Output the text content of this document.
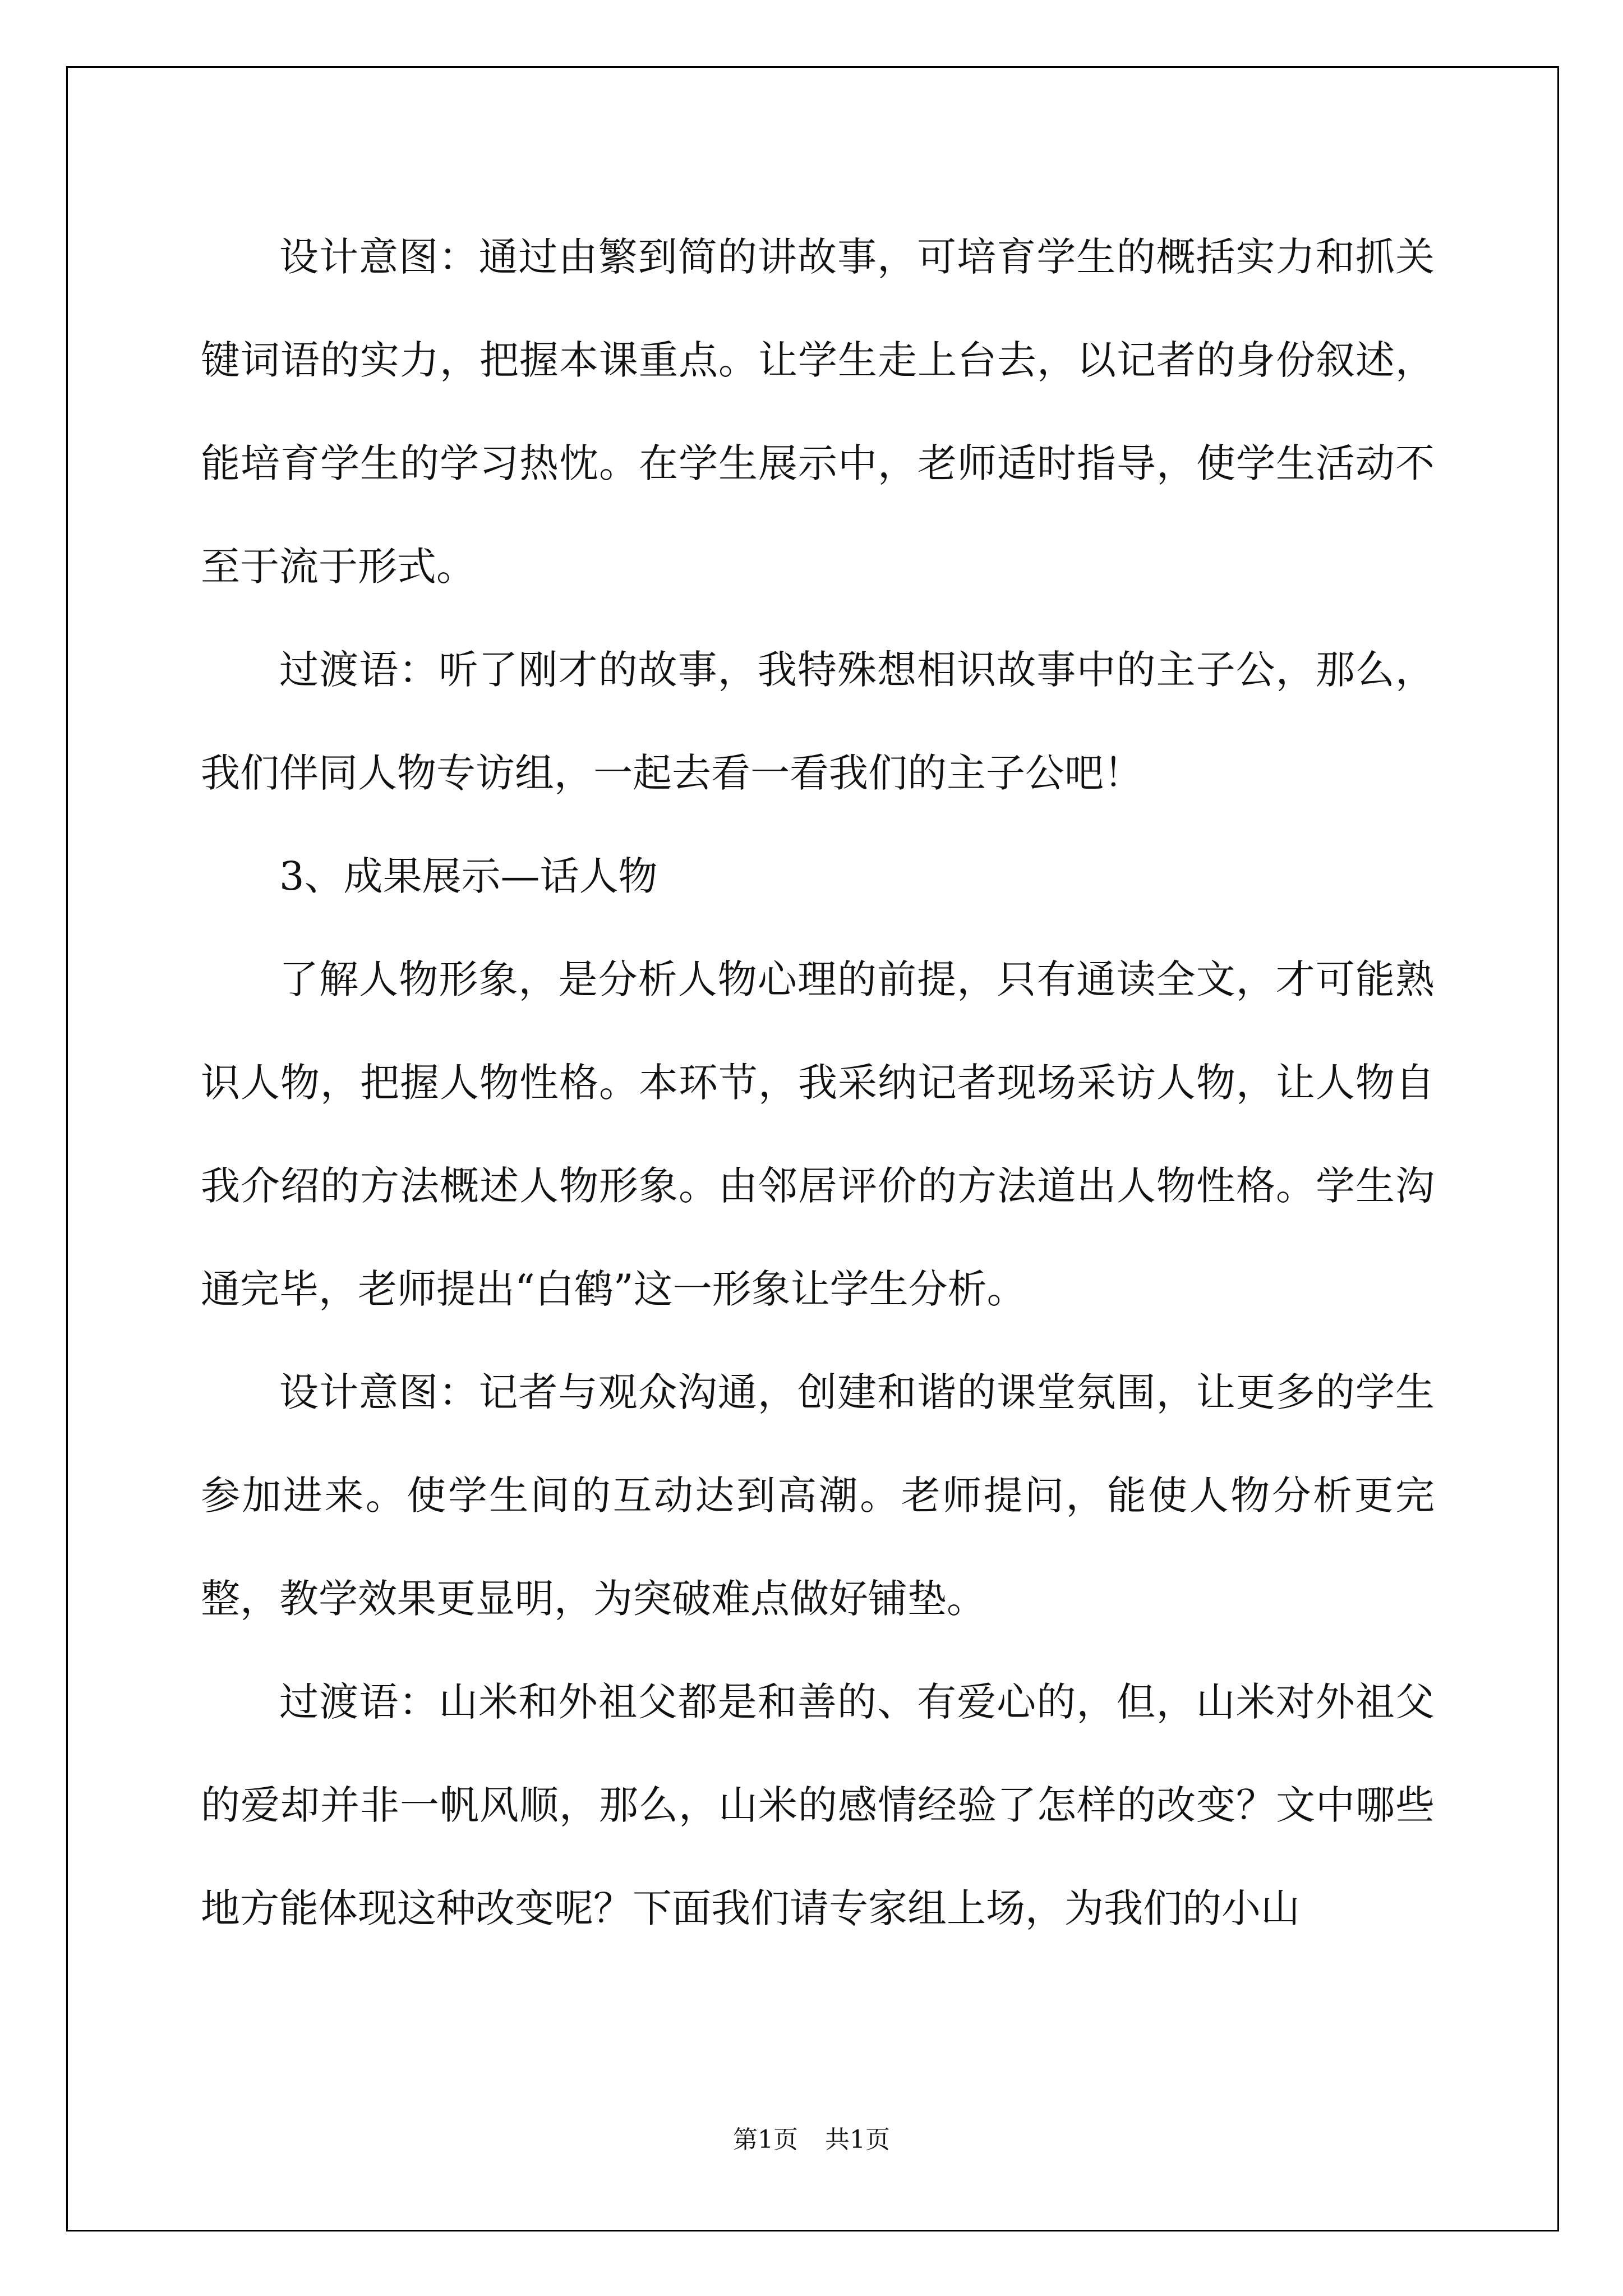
设计意图：通过由繁到简的讲故事，可培育学生的概括实力和抓关键词语的实力，把握本课重点。让学生走上台去，以记者的身份叙述，能培育学生的学习热忱。在学生展示中，老师适时指导，使学生活动不至于流于形式。

过渡语：听了刚才的故事，我特殊想相识故事中的主子公，那么，我们伴同人物专访组，一起去看一看我们的主子公吧！

3、成果展示—话人物

了解人物形象，是分析人物心理的前提，只有通读全文，才可能熟识人物，把握人物性格。本环节，我采纳记者现场采访人物，让人物自我介绍的方法概述人物形象。由邻居评价的方法道出人物性格。学生沟通完毕，老师提出“白鹤”这一形象让学生分析。

设计意图：记者与观众沟通，创建和谐的课堂氛围，让更多的学生参加进来。使学生间的互动达到高潮。老师提问，能使人物分析更完整，教学效果更显明，为突破难点做好铺垫。

过渡语：山米和外祖父都是和善的、有爱心的，但，山米对外祖父的爱却并非一帆风顺，那么，山米的感情经验了怎样的改变？文中哪些地方能体现这种改变呢？下面我们请专家组上场，为我们的小山

第1页 共1页
